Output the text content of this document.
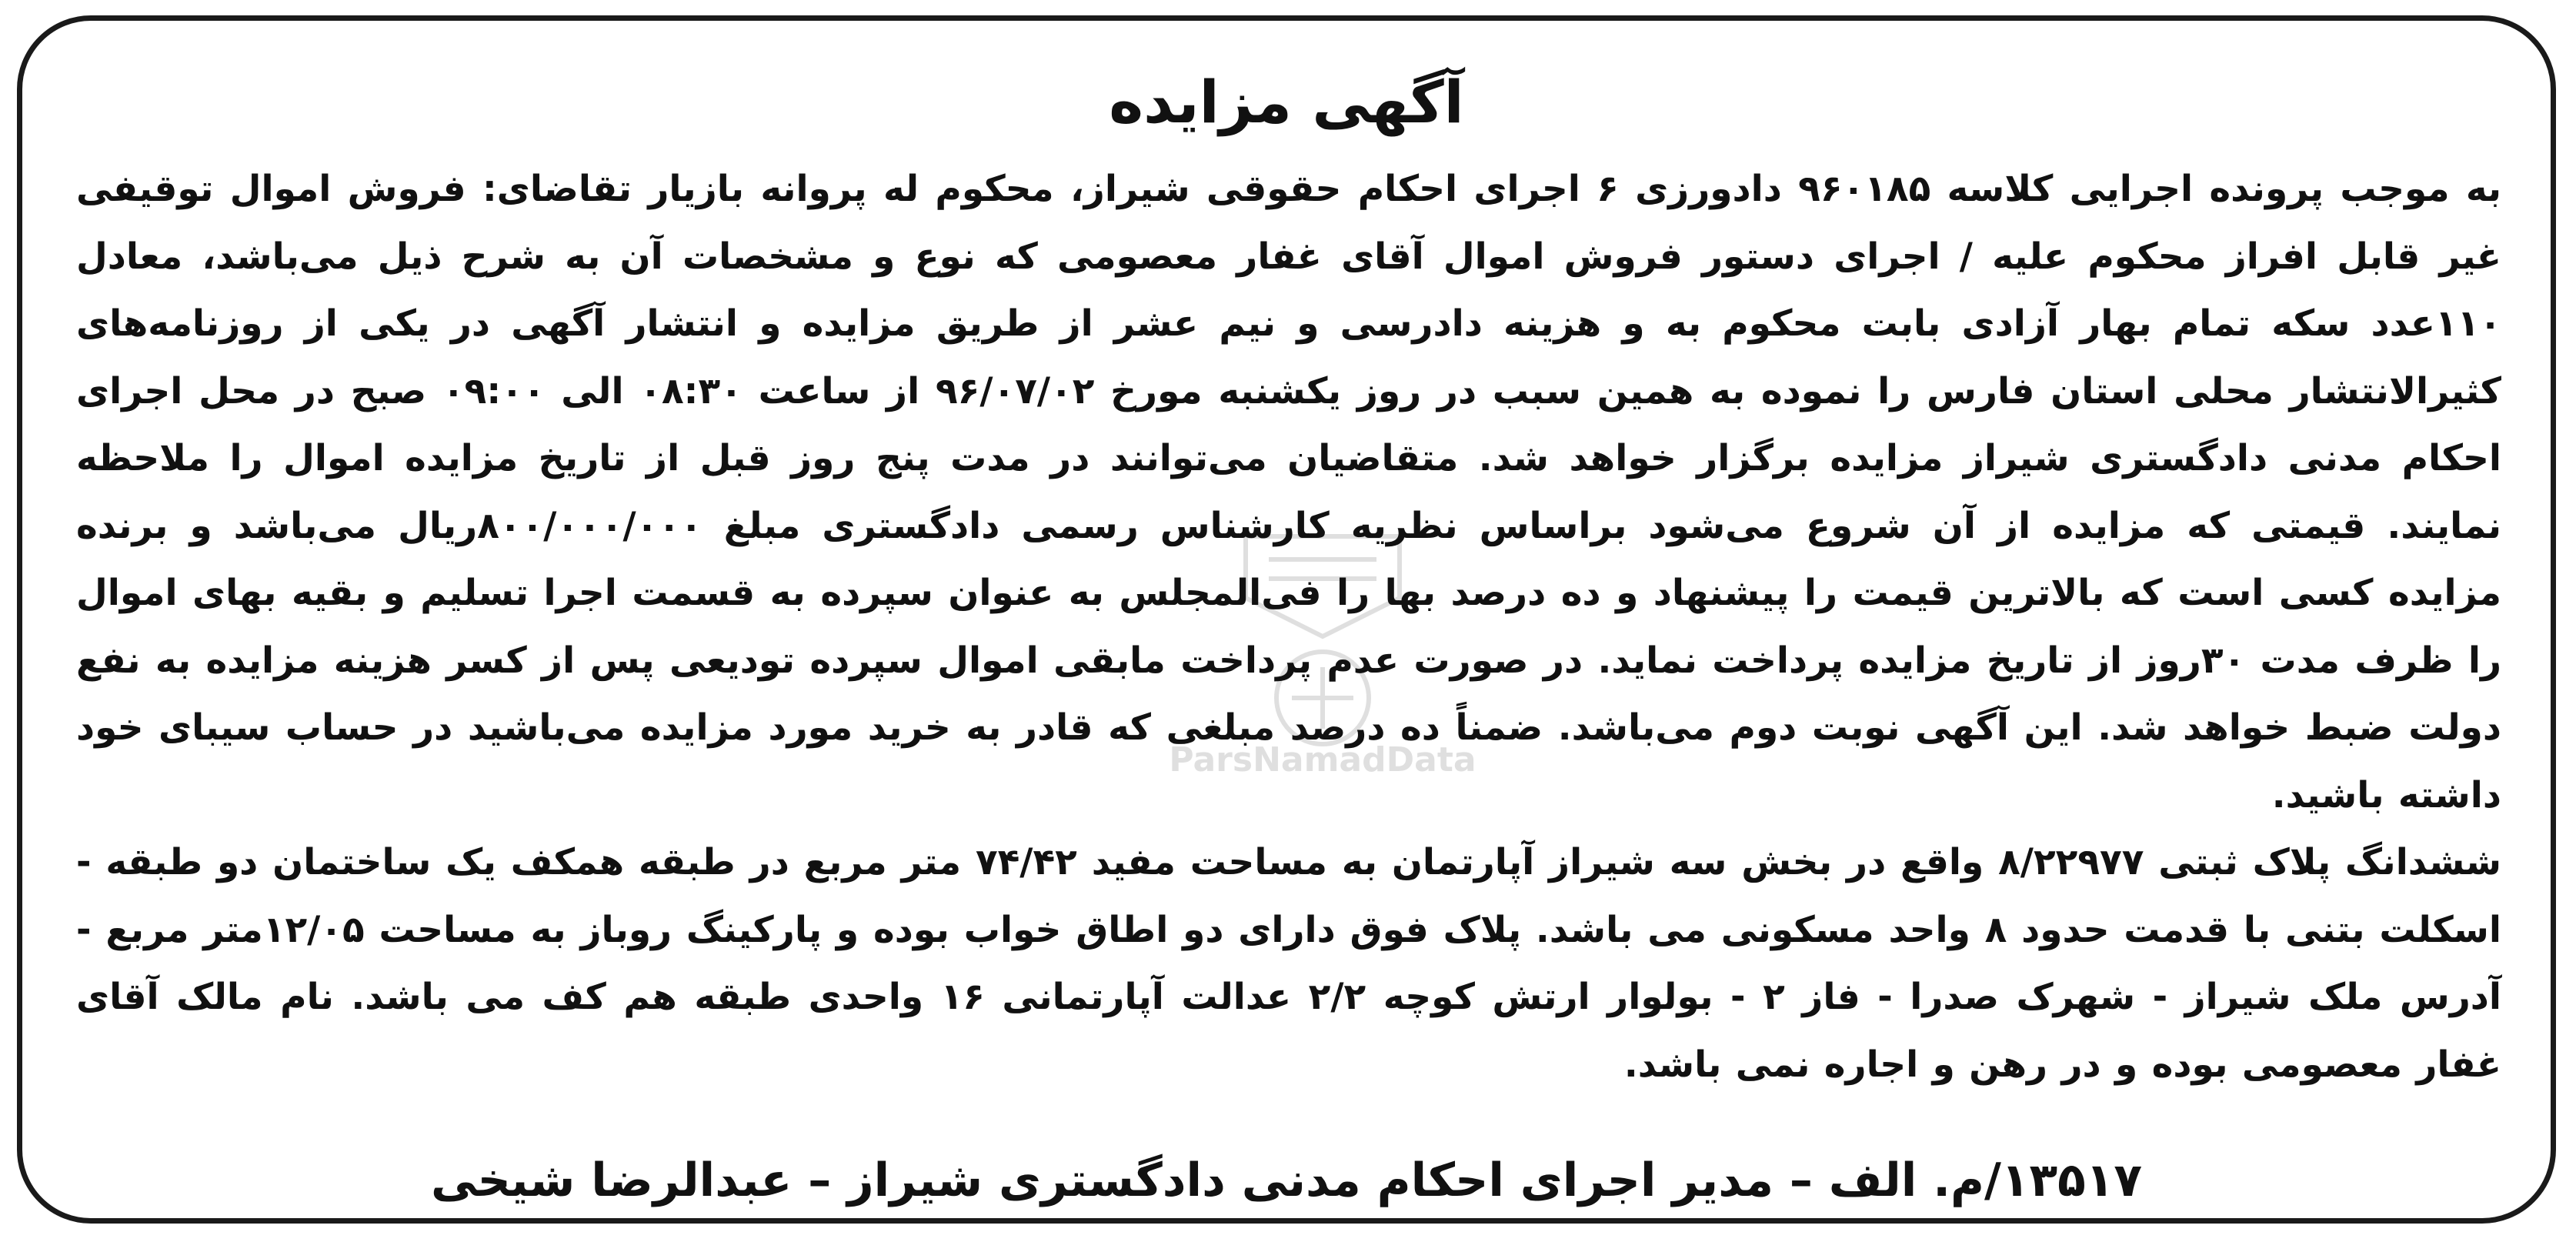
آگهی مزایده
ParsNamadData

به موجب پرونده اجرایی کلاسه ۹۶۰۱۸۵ دادورزی ۶ اجرای احکام حقوقی شیراز، محکوم له پروانه بازیار تقاضای: فروش اموال توقیفی غیر قابل افراز محکوم علیه / اجرای دستور فروش اموال آقای غفار معصومی که نوع و مشخصات آن به شرح ذیل می‌باشد، معادل ۱۱۰عدد سکه تمام بهار آزادی بابت محکوم به و هزینه دادرسی و نیم عشر از طریق مزایده و انتشار آگهی در یکی از روزنامه‌های کثیرالانتشار محلی استان فارس را نموده به همین سبب در روز یکشنبه مورخ ۹۶/۰۷/۰۲ از ساعت ۰۸:۳۰ الی ۰۹:۰۰ صبح در محل اجرای احکام مدنی دادگستری شیراز مزایده برگزار خواهد شد. متقاضیان می‌توانند در مدت پنج روز قبل از تاریخ مزایده اموال را ملاحظه نمایند. قیمتی که مزایده از آن شروع می‌شود براساس نظریه کارشناس رسمی دادگستری مبلغ ۸۰۰/۰۰۰/۰۰۰ریال می‌باشد و برنده مزایده کسی است که بالاترین قیمت را پیشنهاد و ده درصد بها را فی‌المجلس به عنوان سپرده به قسمت اجرا تسلیم و بقیه بهای اموال را ظرف مدت ۳۰روز از تاریخ مزایده پرداخت نماید. در صورت عدم پرداخت مابقی اموال سپرده تودیعی پس از کسر هزینه مزایده به نفع دولت ضبط خواهد شد. این آگهی نوبت دوم می‌باشد. ضمناً ده درصد مبلغی که قادر به خرید مورد مزایده می‌باشید در حساب سیبای خود داشته باشید.

ششدانگ پلاک ثبتی ۸/۲۲۹۷۷ واقع در بخش سه شیراز آپارتمان به مساحت مفید ۷۴/۴۲ متر مربع در طبقه همکف یک ساختمان دو طبقه - اسکلت بتنی با قدمت حدود ۸ واحد مسکونی می باشد. پلاک فوق دارای دو اطاق خواب بوده و پارکینگ روباز به مساحت ۱۲/۰۵متر مربع - آدرس ملک شیراز - شهرک صدرا - فاز ۲ - بولوار ارتش کوچه ۲/۲ عدالت آپارتمانی ۱۶ واحدی طبقه هم کف می باشد. نام مالک آقای غفار معصومی بوده و در رهن و اجاره نمی باشد.

۱۳۵۱۷/م. الف – مدیر اجرای احکام مدنی دادگستری شیراز – عبدالرضا شیخی
